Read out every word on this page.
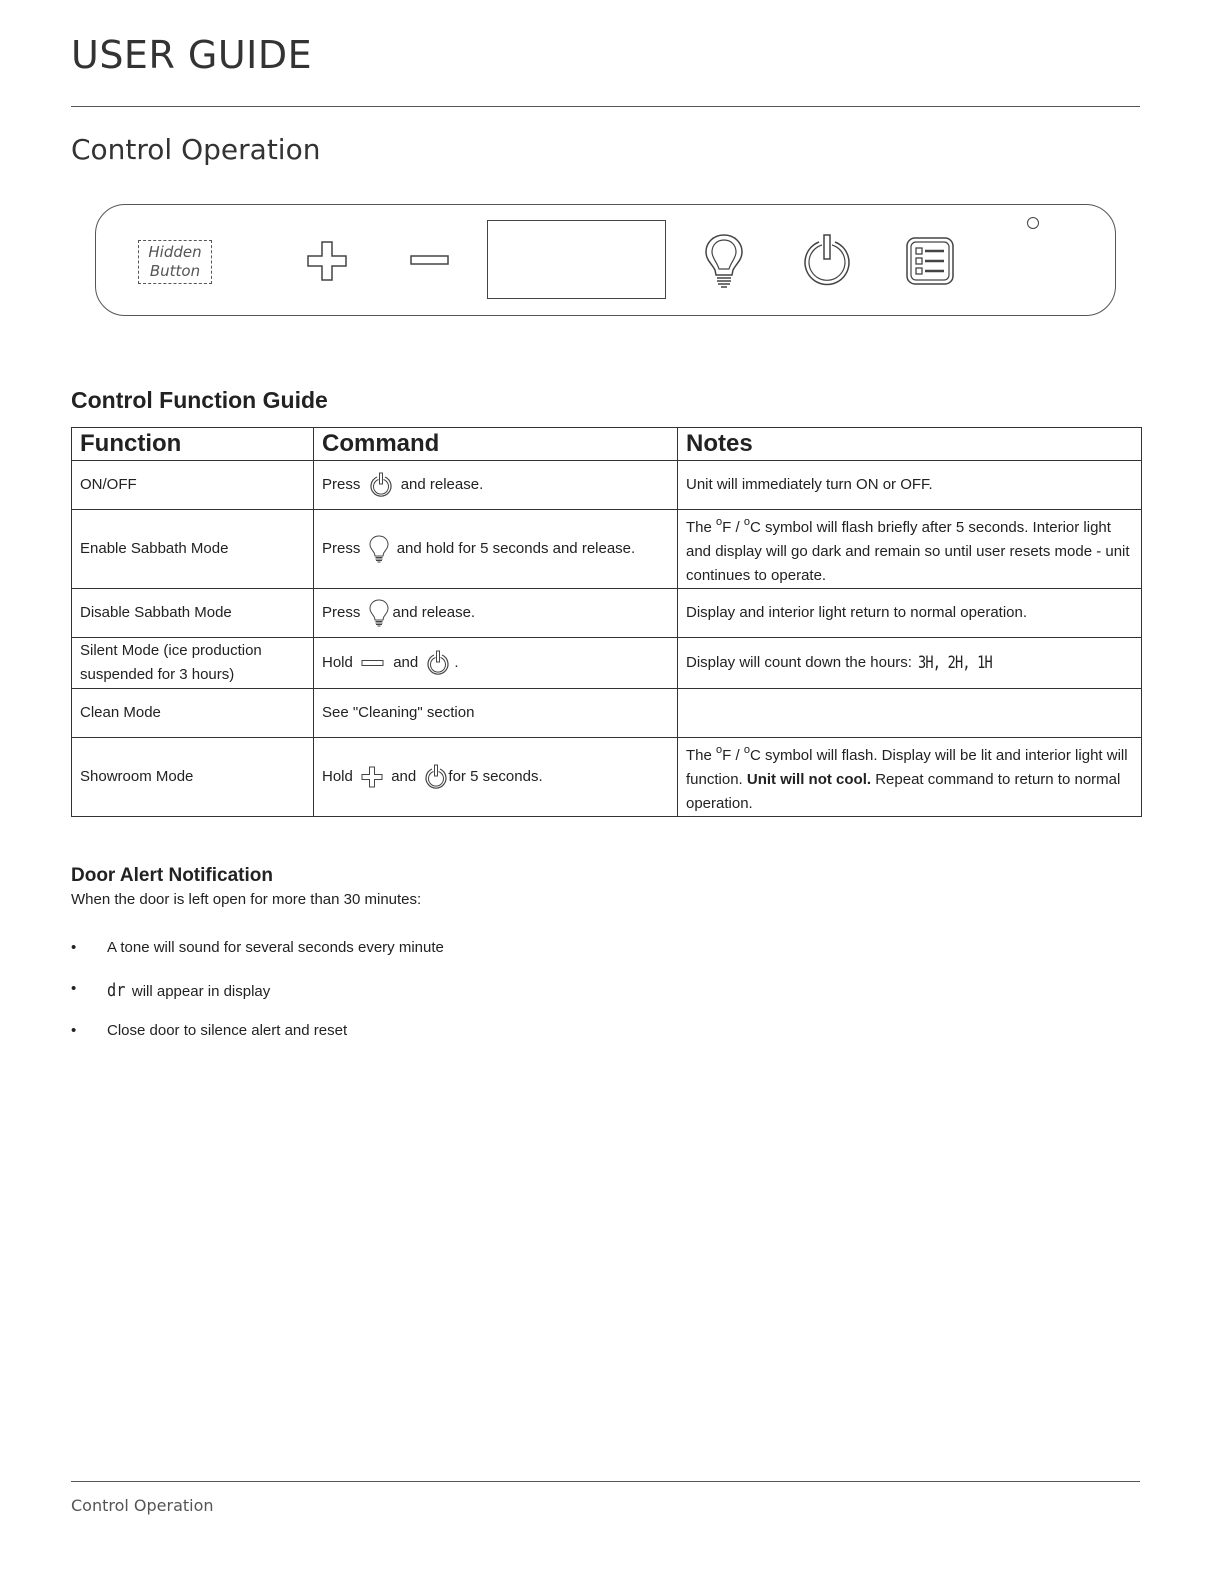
USER GUIDE
Control Operation
Hidden
Button
Control Function Guide
Function	Command	Notes
ON/OFF	Press and release.	Unit will immediately turn ON or OFF.
Enable Sabbath Mode	Press and hold for 5 seconds and release.	The $^o$F / $^o$C symbol will flash briefly after 5 seconds. Interior light and display will go dark and remain so until user resets mode - unit continues to operate.
Disable Sabbath Mode	Press and release.	Display and interior light return to normal operation.
Silent Mode (ice production suspended for 3 hours)	Hold and .	Display will count down the hours: 3H, 2H, 1H
Clean Mode	See "Cleaning" section	
Showroom Mode	Hold and for 5 seconds.	The $^o$F / $^o$C symbol will flash. Display will be lit and interior light will function. Unit will not cool. Repeat command to return to normal operation.
Door Alert Notification
When the door is left open for more than 30 minutes:
• A tone will sound for several seconds every minute
• dr will appear in display
• Close door to silence alert and reset
Control Operation
